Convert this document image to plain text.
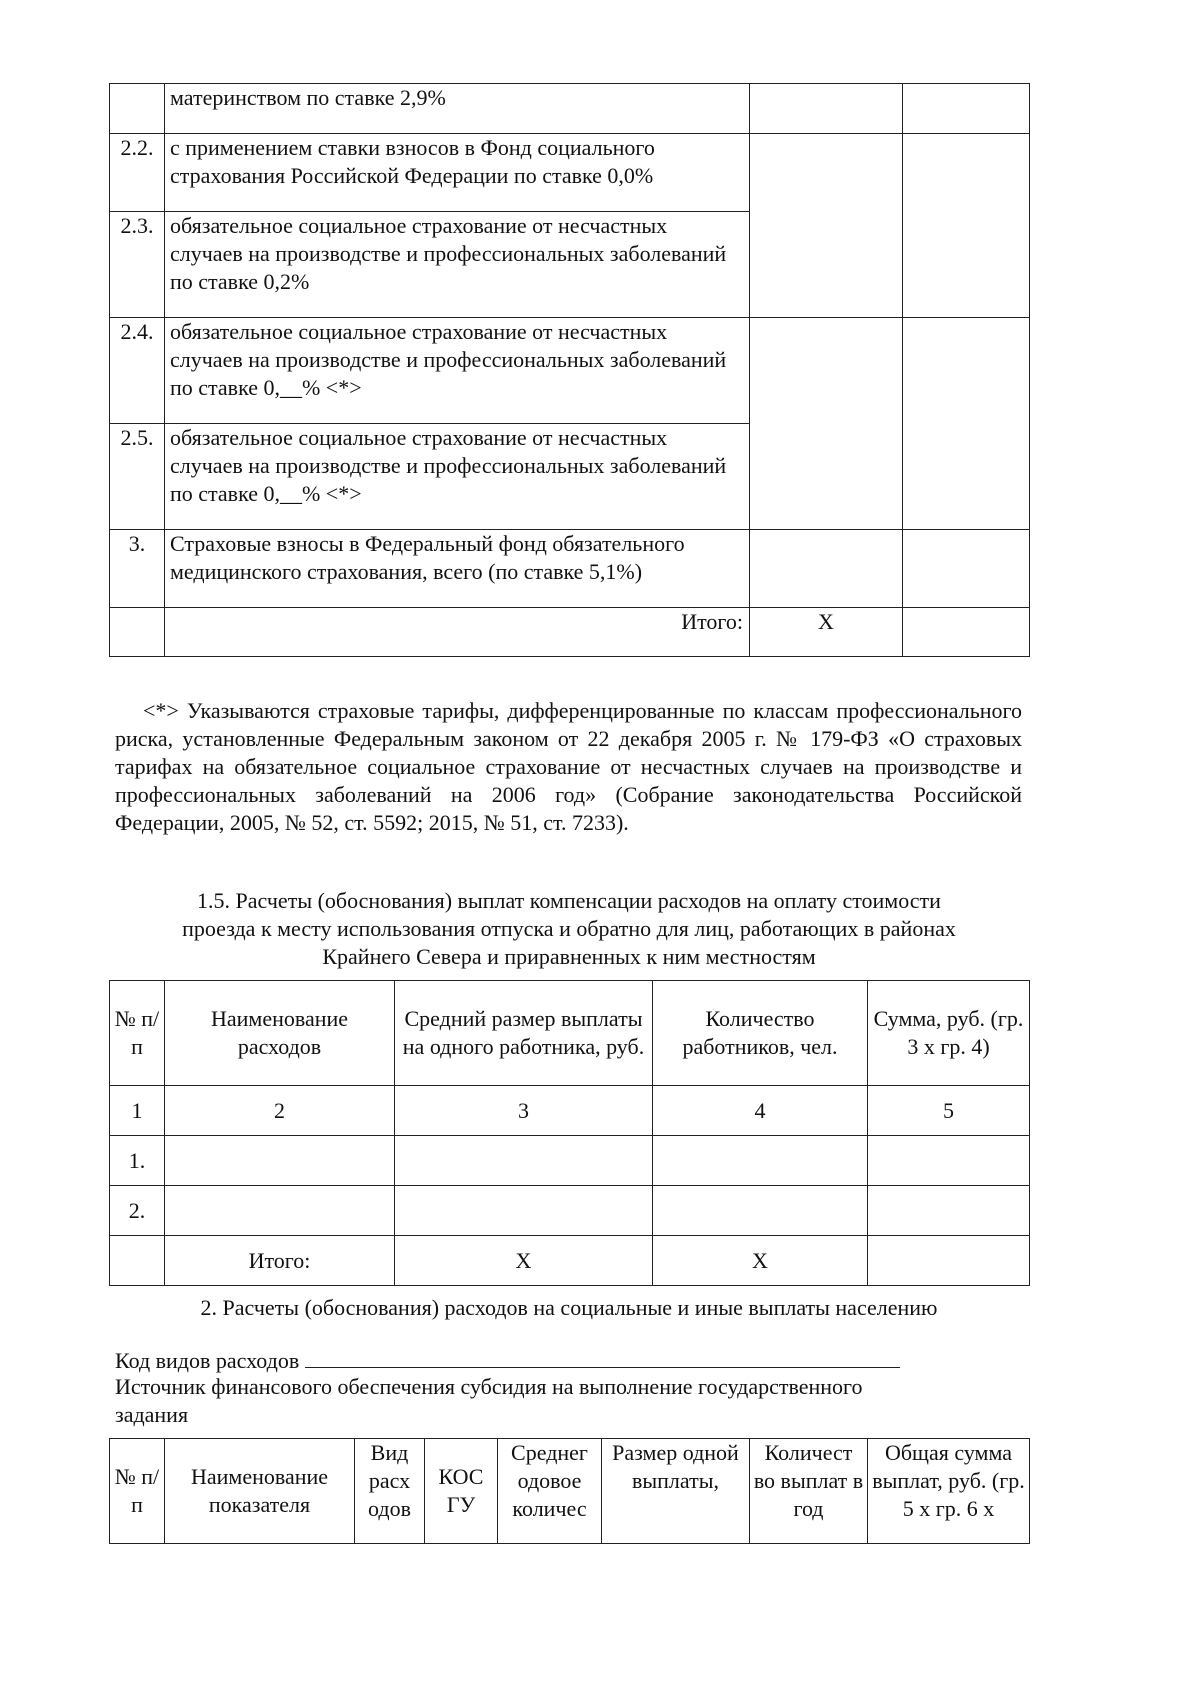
	материнством по ставке 2,9%		
2.2.	с применением ставки взносов в Фонд социального страхования Российской Федерации по ставке 0,0%		
2.3.	обязательное социальное страхование от несчастных случаев на производстве и профессиональных заболеваний по ставке 0,2%		
2.4.	обязательное социальное страхование от несчастных случаев на производстве и профессиональных заболеваний по ставке 0,__% <*>		
2.5.	обязательное социальное страхование от несчастных случаев на производстве и профессиональных заболеваний по ставке 0,__% <*>		
3.	Страховые взносы в Федеральный фонд обязательного медицинского страхования, всего (по ставке 5,1%)		
	Итого:	X	

<*> Указываются страховые тарифы, дифференцированные по классам профессионального риска, установленные Федеральным законом от 22 декабря 2005 г. № 179-ФЗ «О страховых тарифах на обязательное социальное страхование от несчастных случаев на производстве и профессиональных заболеваний на 2006 год» (Собрание законодательства Российской Федерации, 2005, № 52, ст. 5592; 2015, № 51, ст. 7233).

1.5. Расчеты (обоснования) выплат компенсации расходов на оплату стоимости

проезда к месту использования отпуска и обратно для лиц, работающих в районах

Крайнего Севера и приравненных к ним местностям

№ п/п	Наименование расходов	Средний размер выплаты на одного работника, руб.	Количество работников, чел.	Сумма, руб. (гр. 3 x гр. 4)
1	2	3	4	5
1.				
2.				
	Итого:	X	X	

2. Расчеты (обоснования) расходов на социальные и иные выплаты населению

Код видов расходов

Источник финансового обеспечения субсидия на выполнение государственного

задания

№ п/п	Наименование показателя	Вид расх одов	КОС ГУ	Среднег одовое количес	Размер одной выплаты,	Количест во выплат в год	Общая сумма выплат, руб. (гр. 5 x гр. 6 x
